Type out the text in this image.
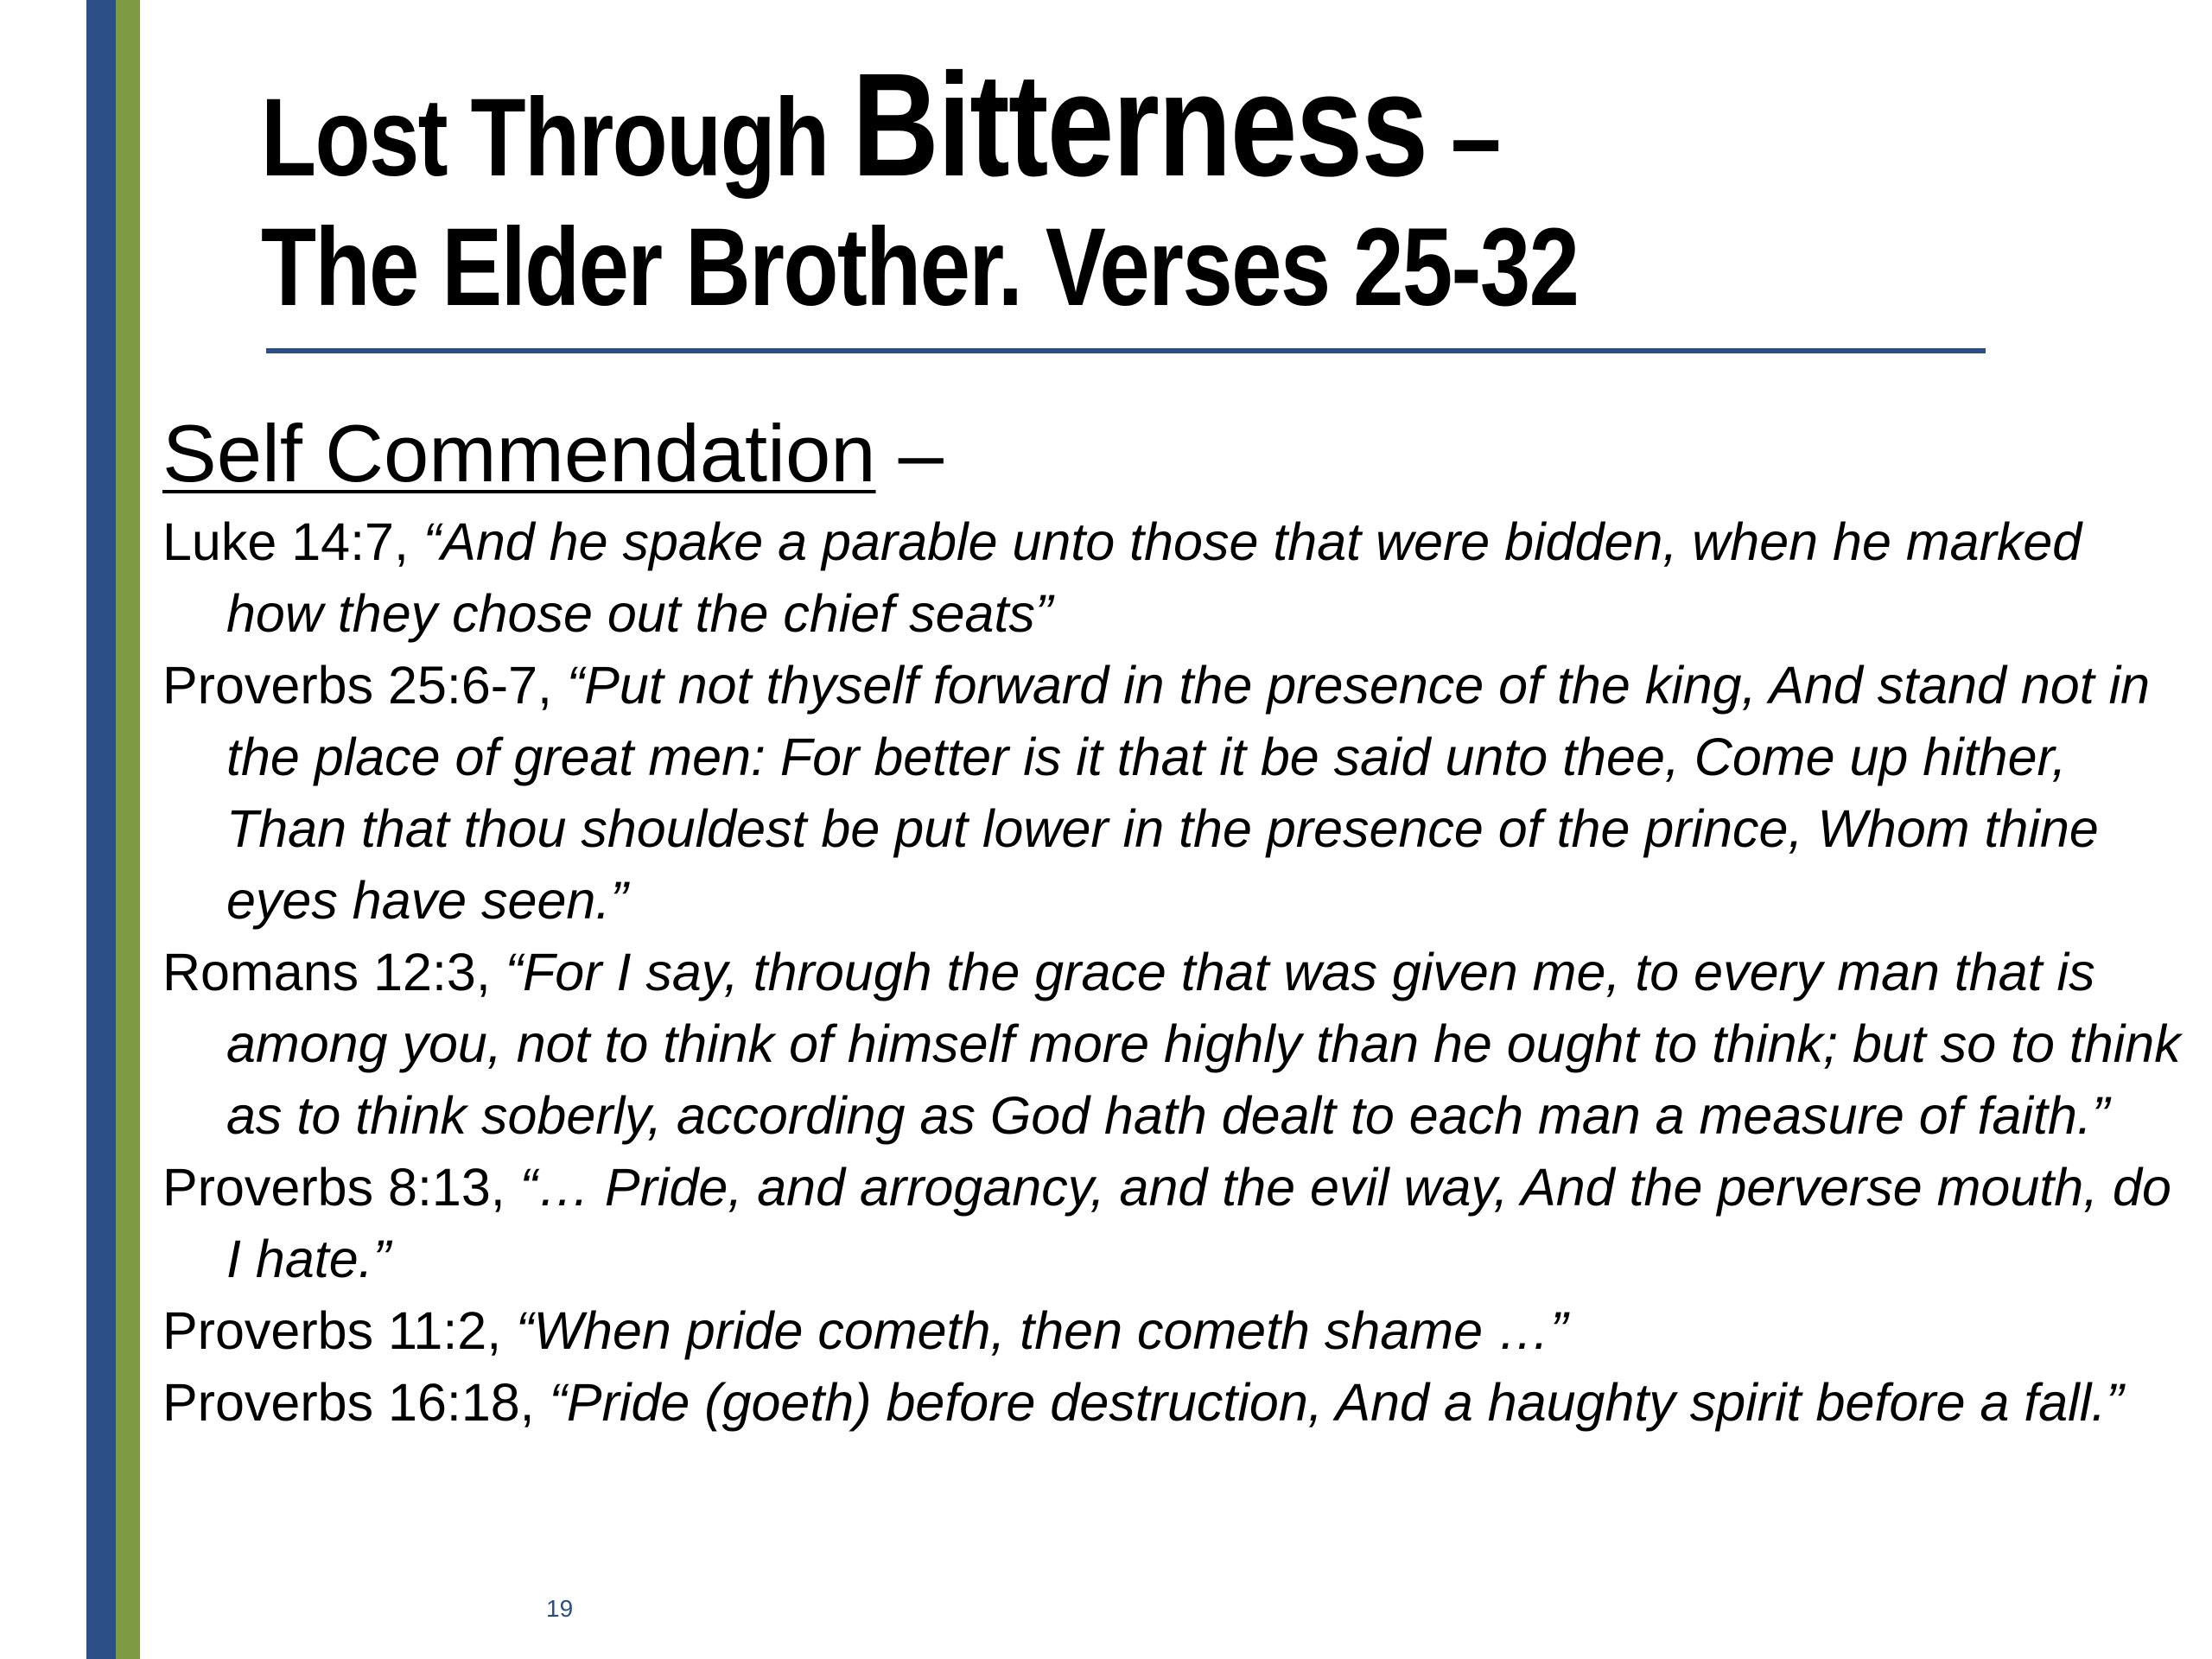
Lost Through Bitterness –
The Elder Brother. Verses 25-32

Self Commendation –

Luke 14:7, “And he spake a parable unto those that were bidden, when he marked how they chose out the chief seats”

Proverbs 25:6-7, “Put not thyself forward in the presence of the king, And stand not in the place of great men: For better is it that it be said unto thee, Come up hither, Than that thou shouldest be put lower in the presence of the prince, Whom thine eyes have seen.”

Romans 12:3, “For I say, through the grace that was given me, to every man that is among you, not to think of himself more highly than he ought to think; but so to think as to think soberly, according as God hath dealt to each man a measure of faith.”

Proverbs 8:13, “… Pride, and arrogancy, and the evil way, And the perverse mouth, do I hate.”

Proverbs 11:2, “When pride cometh, then cometh shame …”

Proverbs 16:18, “Pride (goeth) before destruction, And a haughty spirit before a fall.”

19
